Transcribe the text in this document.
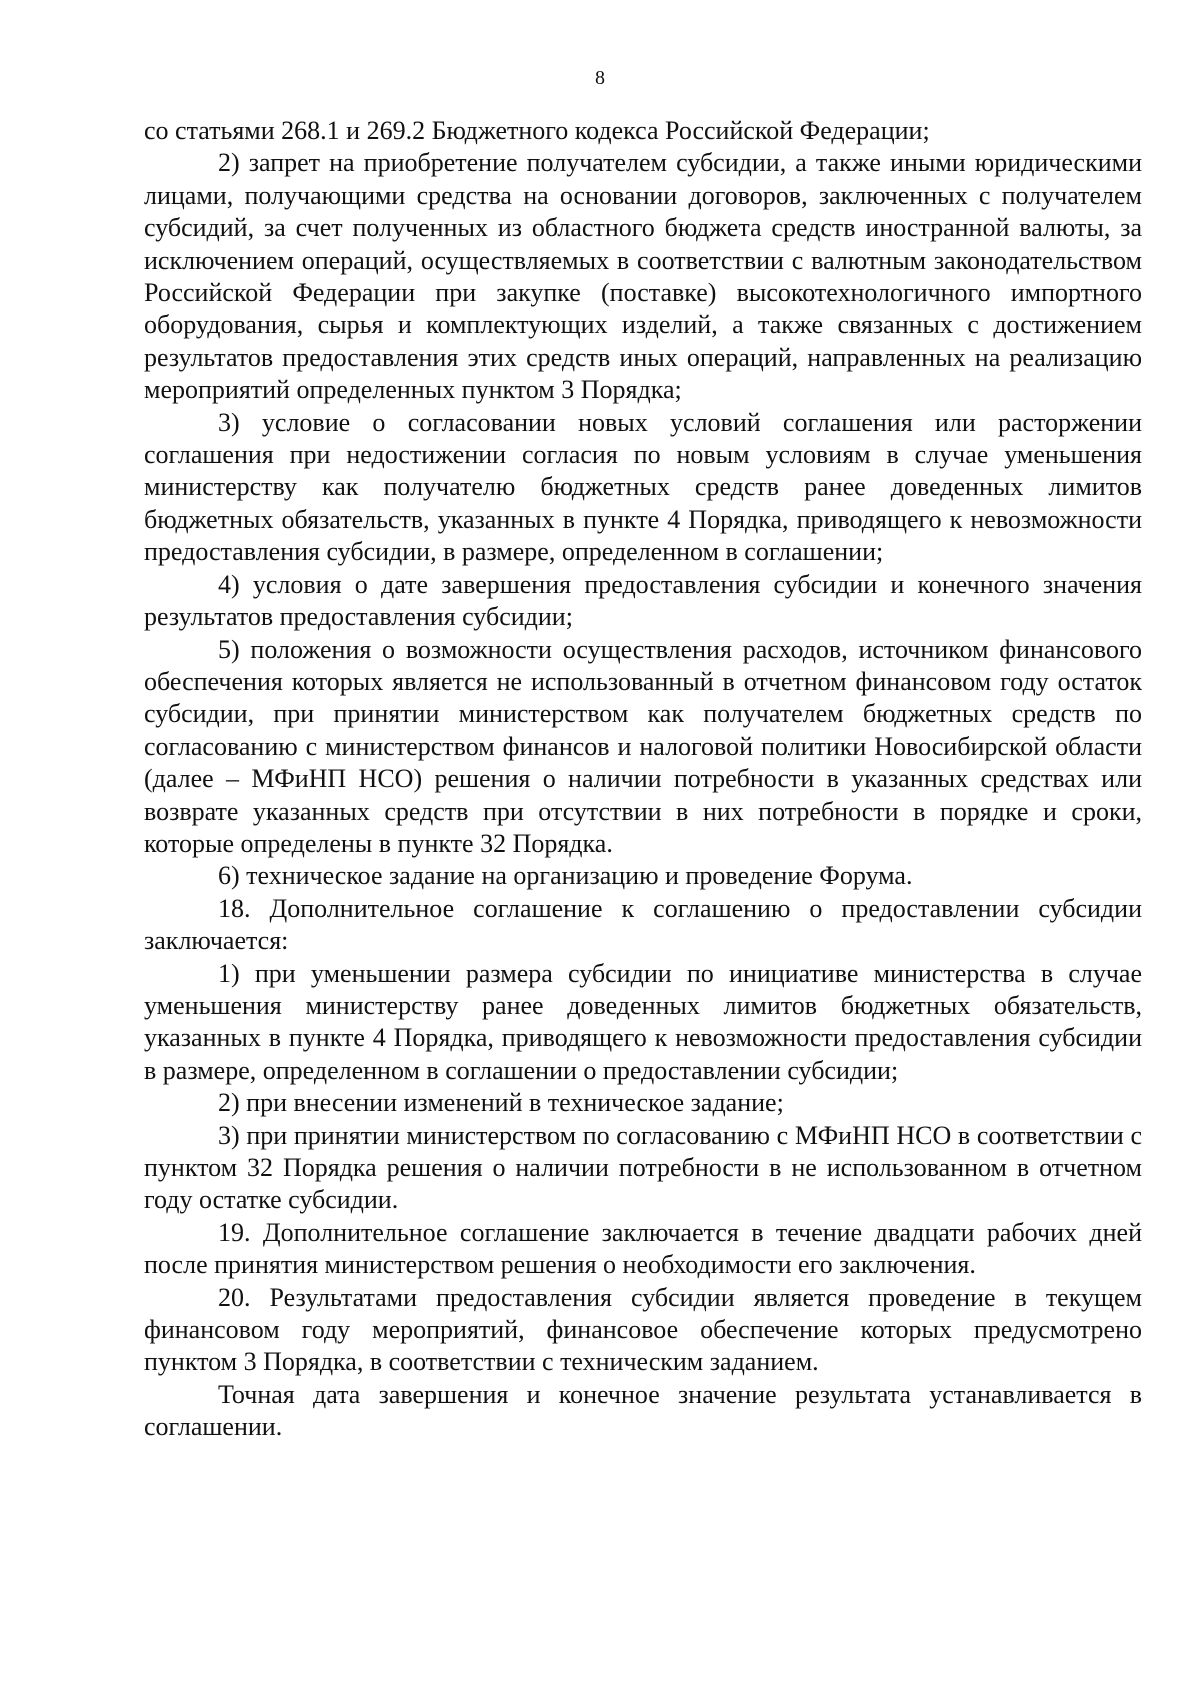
8

со статьями 268.1 и 269.2 Бюджетного кодекса Российской Федерации;

2) запрет на приобретение получателем субсидии, а также иными юридическими лицами, получающими средства на основании договоров, заключенных с получателем субсидий, за счет полученных из областного бюджета средств иностранной валюты, за исключением операций, осуществляемых в соответствии с валютным законодательством Российской Федерации при закупке (поставке) высокотехнологичного импортного оборудования, сырья и комплектующих изделий, а также связанных с достижением результатов предоставления этих средств иных операций, направленных на реализацию мероприятий определенных пунктом 3 Порядка;

3) условие о согласовании новых условий соглашения или расторжении соглашения при недостижении согласия по новым условиям в случае уменьшения министерству как получателю бюджетных средств ранее доведенных лимитов бюджетных обязательств, указанных в пункте 4 Порядка, приводящего к невозможности предоставления субсидии, в размере, определенном в соглашении;

4) условия о дате завершения предоставления субсидии и конечного значения результатов предоставления субсидии;

5) положения о возможности осуществления расходов, источником финансового обеспечения которых является не использованный в отчетном финансовом году остаток субсидии, при принятии министерством как получателем бюджетных средств по согласованию с министерством финансов и налоговой политики Новосибирской области (далее – МФиНП НСО) решения о наличии потребности в указанных средствах или возврате указанных средств при отсутствии в них потребности в порядке и сроки, которые определены в пункте 32 Порядка.

6) техническое задание на организацию и проведение Форума.

18. Дополнительное соглашение к соглашению о предоставлении субсидии заключается:

1) при уменьшении размера субсидии по инициативе министерства в случае уменьшения министерству ранее доведенных лимитов бюджетных обязательств, указанных в пункте 4 Порядка, приводящего к невозможности предоставления субсидии в размере, определенном в соглашении о предоставлении субсидии;

2) при внесении изменений в техническое задание;

3) при принятии министерством по согласованию с МФиНП НСО в соответствии с пунктом 32 Порядка решения о наличии потребности в не использованном в отчетном году остатке субсидии.

19. Дополнительное соглашение заключается в течение двадцати рабочих дней после принятия министерством решения о необходимости его заключения.

20. Результатами предоставления субсидии является проведение в текущем финансовом году мероприятий, финансовое обеспечение которых предусмотрено пунктом 3 Порядка, в соответствии с техническим заданием.

Точная дата завершения и конечное значение результата устанавливается в соглашении.
